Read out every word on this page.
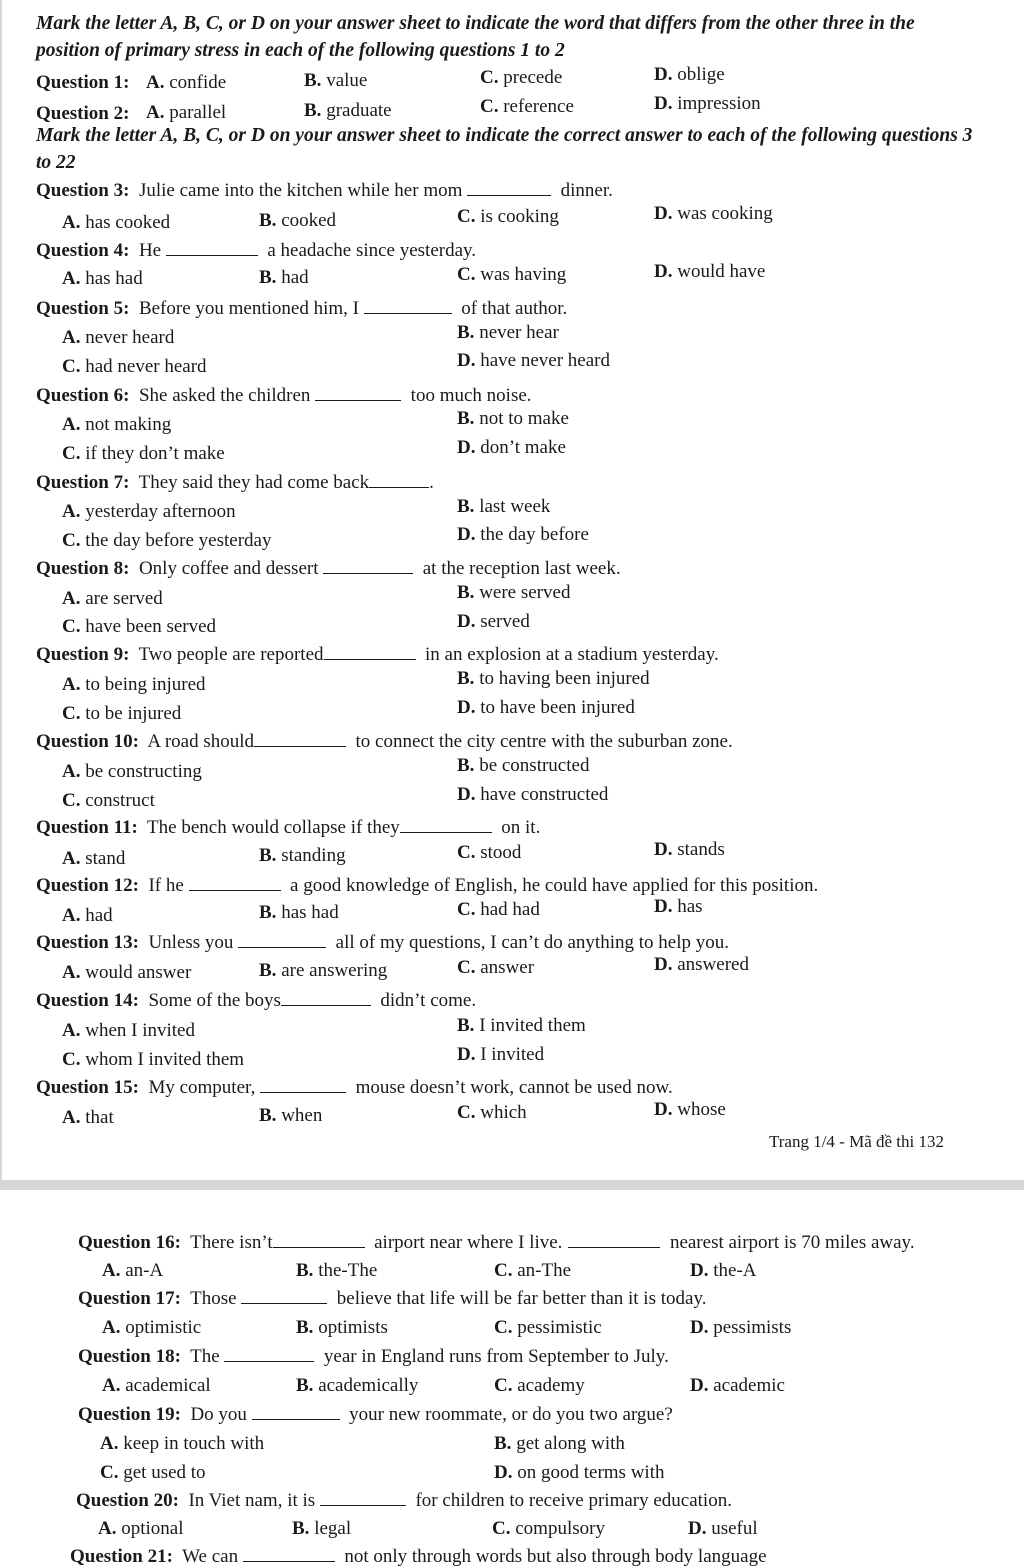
Mark the letter A, B, C, or D on your answer sheet to indicate the word that differs from the other three in the position of primary stress in each of the following questions 1 to 2
Question 1: A. confide	B. value	C. precede	D. oblige
Question 2: A. parallel	B. graduate	C. reference	D. impression
Mark the letter A, B, C, or D on your answer sheet to indicate the correct answer to each of the following questions 3 to 22
Question 3: Julie came into the kitchen while her mom	dinner.
A. has cooked	B. cooked	C. is cooking	D. was cooking
Question 4: He	a headache since yesterday.
A. has had	B. had	C. was having	D. would have
Question 5: Before you mentioned him, I	of that author.
A. never heard	B. never hear
C. had never heard	D. have never heard
Question 6: She asked the children	too much noise.
A. not making	B. not to make
C. if they don’t make	D. don’t make
Question 7: They said they had come back	.
A. yesterday afternoon	B. last week
C. the day before yesterday	D. the day before
Question 8: Only coffee and dessert	at the reception last week.
A. are served	B. were served
C. have been served	D. served
Question 9: Two people are reported	in an explosion at a stadium yesterday.
A. to being injured	B. to having been injured
C. to be injured	D. to have been injured
Question 10: A road should	to connect the city centre with the suburban zone.
A. be constructing	B. be constructed
C. construct	D. have constructed
Question 11: The bench would collapse if they	on it.
A. stand	B. standing	C. stood	D. stands
Question 12: If he	a good knowledge of English, he could have applied for this position.
A. had	B. has had	C. had had	D. has
Question 13: Unless you	all of my questions, I can’t do anything to help you.
A. would answer	B. are answering	C. answer	D. answered
Question 14: Some of the boys	didn’t come.
A. when I invited	B. I invited them
C. whom I invited them	D. I invited
Question 15: My computer,	mouse doesn’t work, cannot be used now.
A. that	B. when	C. which	D. whose
Trang 1/4 - Mã đề thi 132
Question 16: There isn’t	airport near where I live.	nearest airport is 70 miles away.
A. an-A	B. the-The	C. an-The	D. the-A
Question 17: Those	believe that life will be far better than it is today.
A. optimistic	B. optimists	C. pessimistic	D. pessimists
Question 18: The	year in England runs from September to July.
A. academical	B. academically	C. academy	D. academic
Question 19: Do you	your new roommate, or do you two argue?
A. keep in touch with	B. get along with
C. get used to	D. on good terms with
Question 20: In Viet nam, it is	for children to receive primary education.
A. optional	B. legal	C. compulsory	D. useful
Question 21: We can	not only through words but also through body language
